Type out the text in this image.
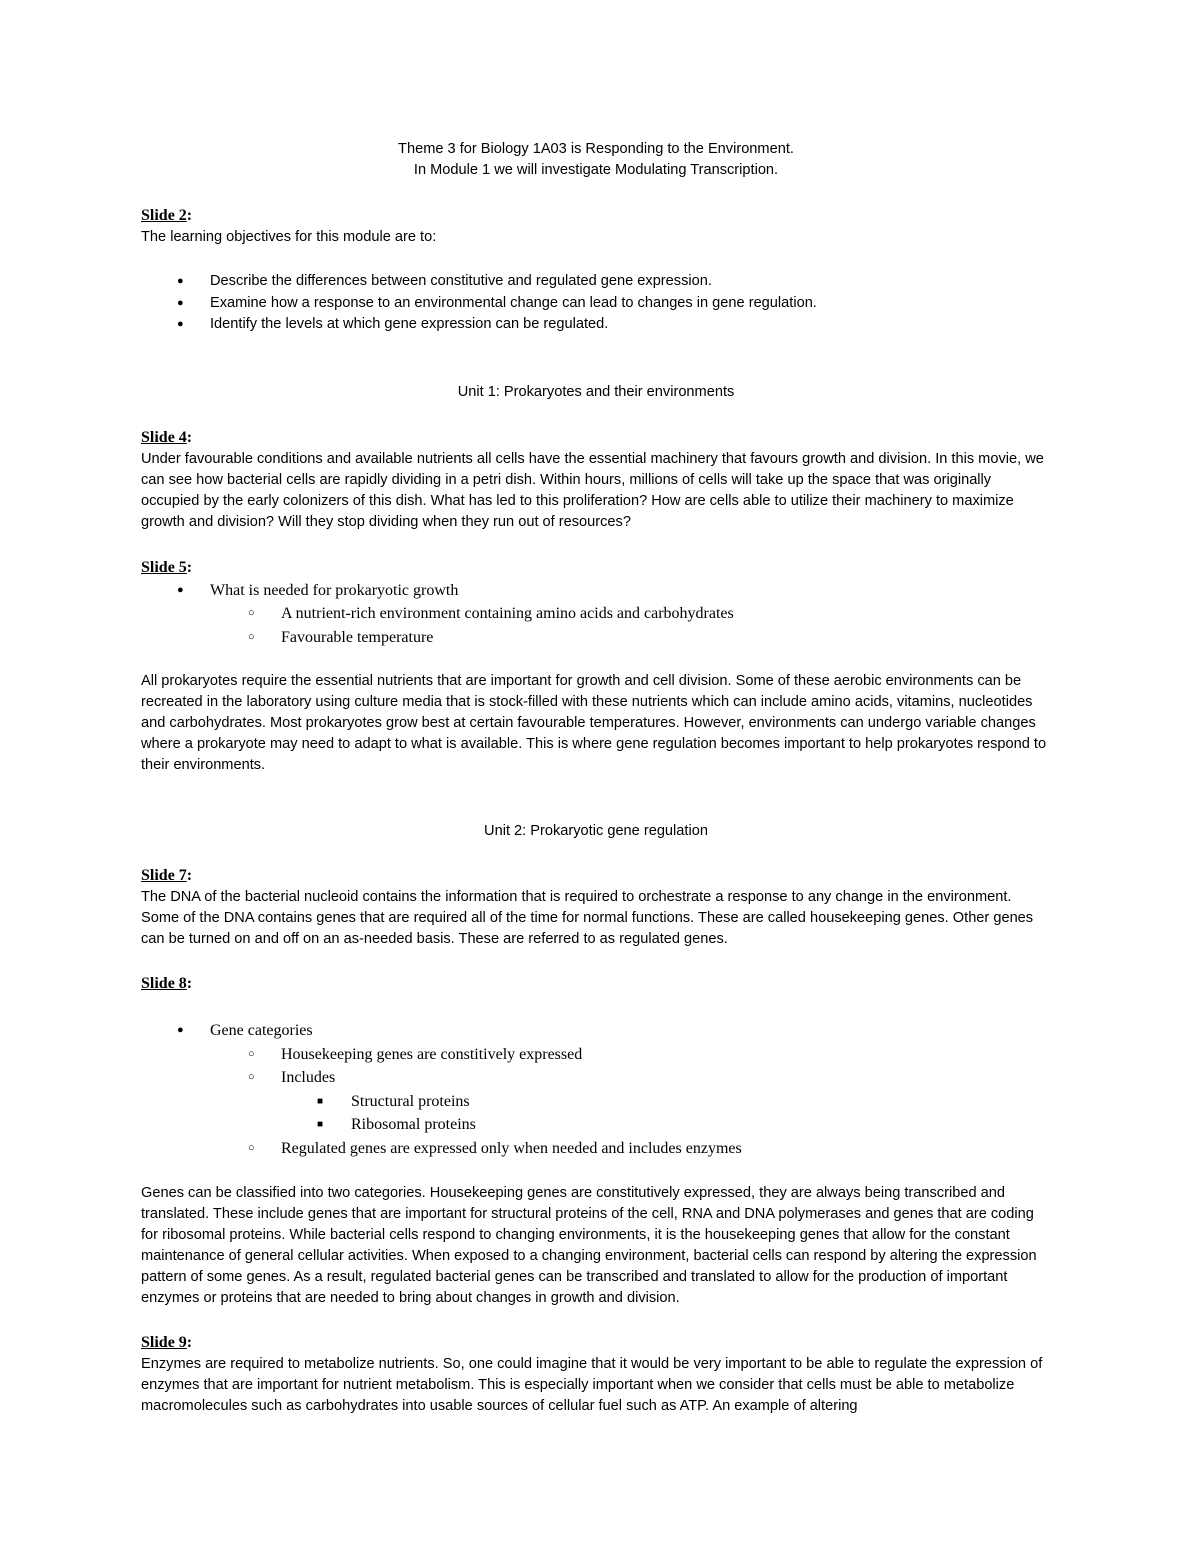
Theme 3 for Biology 1A03 is Responding to the Environment.

In Module 1 we will investigate Modulating Transcription.

Slide 2:

The learning objectives for this module are to:

● Describe the differences between constitutive and regulated gene expression.
● Examine how a response to an environmental change can lead to changes in gene regulation.
● Identify the levels at which gene expression can be regulated.

Unit 1: Prokaryotes and their environments

Slide 4:

Under favourable conditions and available nutrients all cells have the essential machinery that favours growth and division. In this movie, we can see how bacterial cells are rapidly dividing in a petri dish. Within hours, millions of cells will take up the space that was originally occupied by the early colonizers of this dish. What has led to this proliferation? How are cells able to utilize their machinery to maximize growth and division? Will they stop dividing when they run out of resources?

Slide 5:
● What is needed for prokaryotic growth
○ A nutrient-rich environment containing amino acids and carbohydrates
○ Favourable temperature

All prokaryotes require the essential nutrients that are important for growth and cell division. Some of these aerobic environments can be recreated in the laboratory using culture media that is stock-filled with these nutrients which can include amino acids, vitamins, nucleotides and carbohydrates. Most prokaryotes grow best at certain favourable temperatures. However, environments can undergo variable changes where a prokaryote may need to adapt to what is available. This is where gene regulation becomes important to help prokaryotes respond to their environments.

Unit 2: Prokaryotic gene regulation

Slide 7:

The DNA of the bacterial nucleoid contains the information that is required to orchestrate a response to any change in the environment. Some of the DNA contains genes that are required all of the time for normal functions. These are called housekeeping genes. Other genes can be turned on and off on an as-needed basis. These are referred to as regulated genes.

Slide 8:
● Gene categories
○ Housekeeping genes are constitively expressed
○ Includes
■ Structural proteins
■ Ribosomal proteins
○ Regulated genes are expressed only when needed and includes enzymes

Genes can be classified into two categories. Housekeeping genes are constitutively expressed, they are always being transcribed and translated. These include genes that are important for structural proteins of the cell, RNA and DNA polymerases and genes that are coding for ribosomal proteins. While bacterial cells respond to changing environments, it is the housekeeping genes that allow for the constant maintenance of general cellular activities. When exposed to a changing environment, bacterial cells can respond by altering the expression pattern of some genes. As a result, regulated bacterial genes can be transcribed and translated to allow for the production of important enzymes or proteins that are needed to bring about changes in growth and division.

Slide 9:

Enzymes are required to metabolize nutrients. So, one could imagine that it would be very important to be able to regulate the expression of enzymes that are important for nutrient metabolism. This is especially important when we consider that cells must be able to metabolize macromolecules such as carbohydrates into usable sources of cellular fuel such as ATP. An example of altering
